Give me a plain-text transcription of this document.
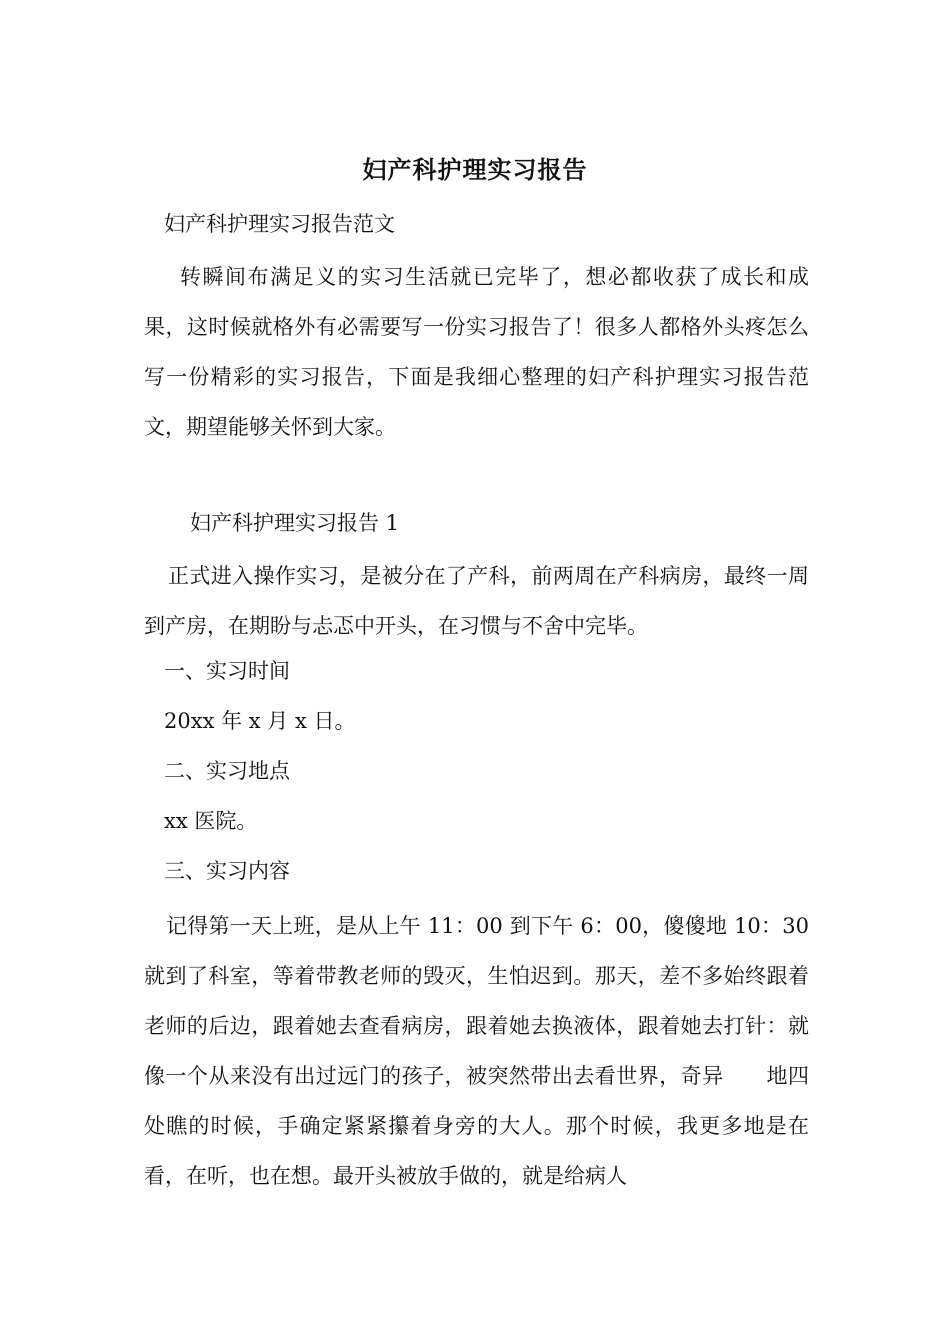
妇产科护理实习报告
妇产科护理实习报告范文
转瞬间布满足义的实习生活就已完毕了，想必都收获了成长和成果，这时候就格外有必需要写一份实习报告了！很多人都格外头疼怎么写一份精彩的实习报告，下面是我细心整理的妇产科护理实习报告范文，期望能够关怀到大家。
妇产科护理实习报告 1
正式进入操作实习，是被分在了产科，前两周在产科病房，最终一周到产房，在期盼与忐忑中开头，在习惯与不舍中完毕。
一、实习时间
20xx 年 x 月 x 日。
二、实习地点
xx 医院。
三、实习内容
记得第一天上班，是从上午 11：00 到下午 6：00，傻傻地 10：30 就到了科室，等着带教老师的毁灭，生怕迟到。那天，差不多始终跟着老师的后边，跟着她去查看病房，跟着她去换液体，跟着她去打针：就像一个从来没有出过远门的孩子，被突然带出去看世界，奇异　　地四处瞧的时候，手确定紧紧攥着身旁的大人。那个时候，我更多地是在看，在听，也在想。最开头被放手做的，就是给病人
